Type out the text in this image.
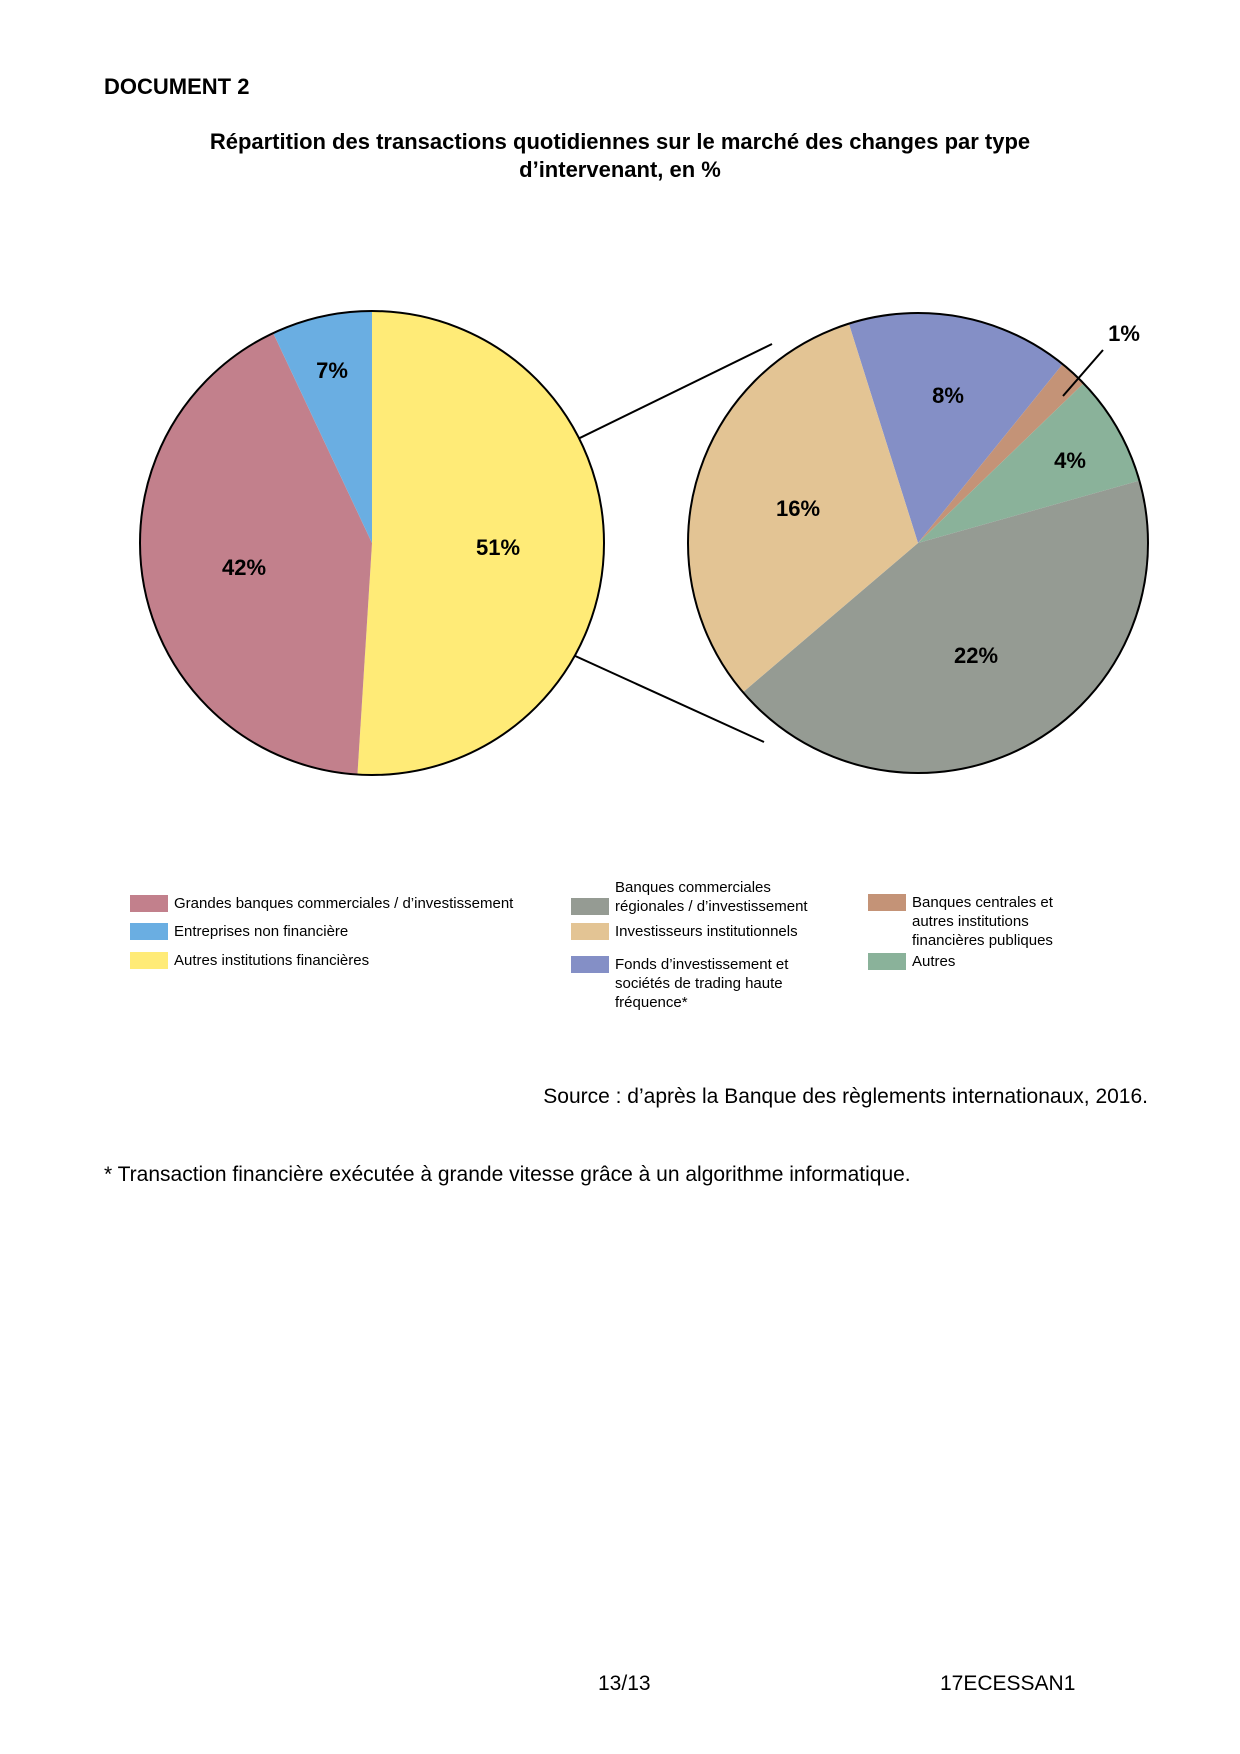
DOCUMENT 2
Répartition des transactions quotidiennes sur le marché des changes par type
d’intervenant, en %
51%
42%
7%
8%
1%
4%
22%
16%
Grandes banques commerciales / d’investissement
Entreprises non financière
Autres institutions financières
Banques commerciales
régionales / d’investissement
Investisseurs institutionnels
Fonds d’investissement et
sociétés de trading haute
fréquence*
Banques centrales et
autres institutions
financières publiques
Autres
Source : d’après la Banque des règlements internationaux, 2016.
* Transaction financière exécutée à grande vitesse grâce à un algorithme informatique.
13/13	17ECESSAN1
